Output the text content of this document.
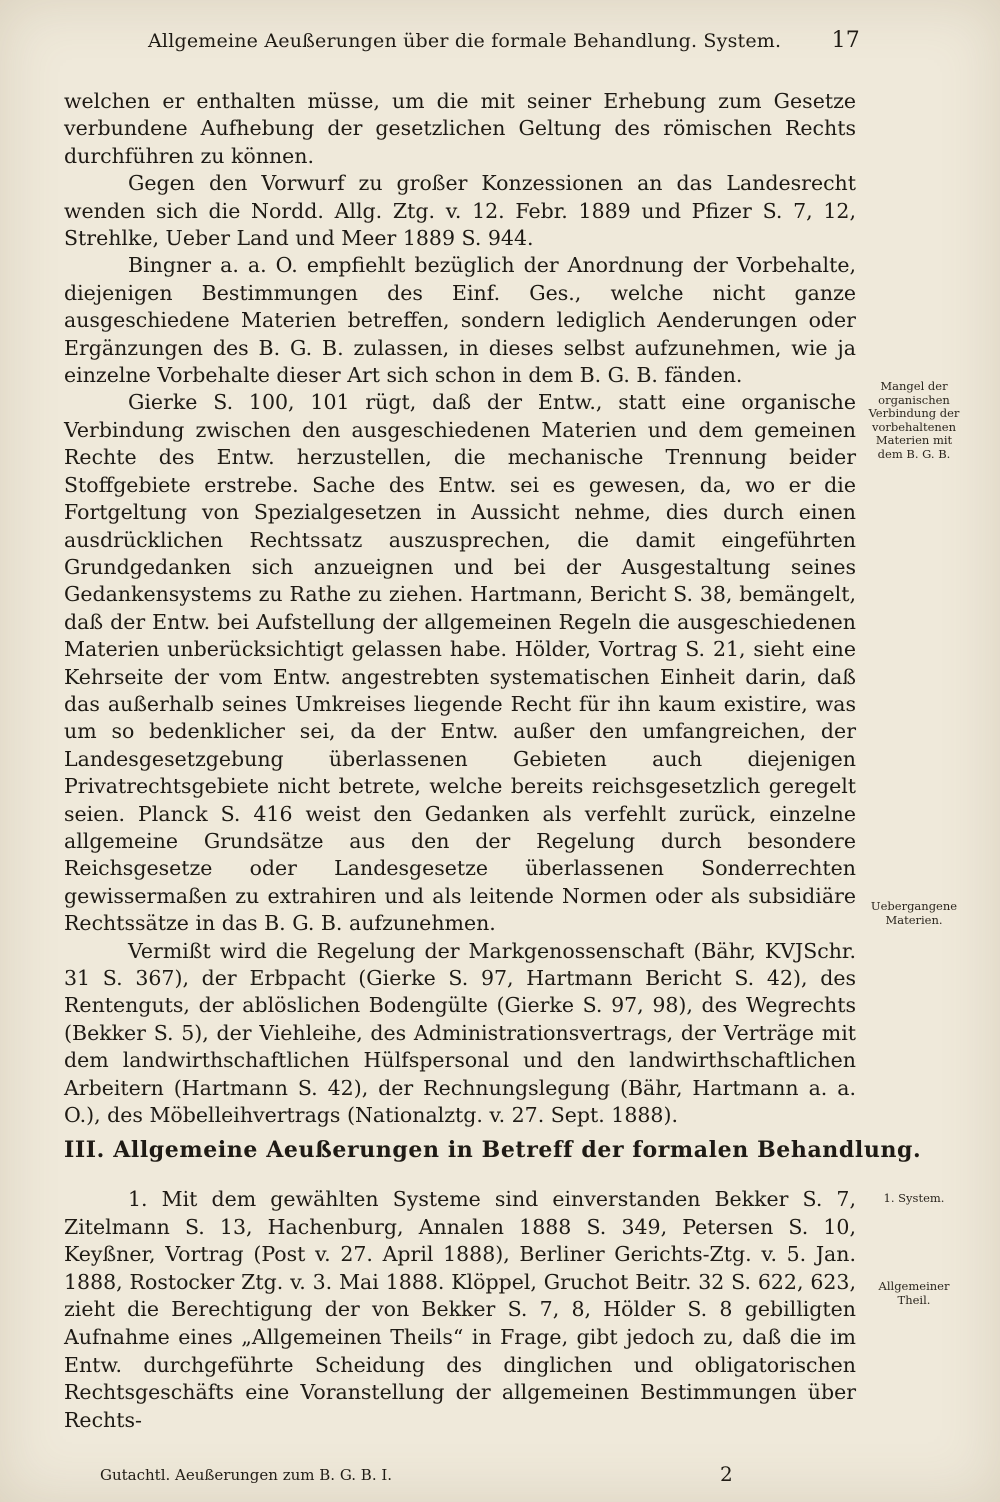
Allgemeine Aeußerungen über die formale Behandlung. System. 17

welchen er enthalten müsse, um die mit seiner Erhebung zum Gesetze verbundene Aufhebung der gesetzlichen Geltung des römischen Rechts durchführen zu können.

Gegen den Vorwurf zu großer Konzessionen an das Landesrecht wenden sich die Nordd. Allg. Ztg. v. 12. Febr. 1889 und Pfizer S. 7, 12, Strehlke, Ueber Land und Meer 1889 S. 944.

Bingner a. a. O. empfiehlt bezüglich der Anordnung der Vorbehalte, diejenigen Bestimmungen des Einf. Ges., welche nicht ganze ausgeschiedene Materien betreffen, sondern lediglich Aenderungen oder Ergänzungen des B. G. B. zulassen, in dieses selbst aufzunehmen, wie ja einzelne Vorbehalte dieser Art sich schon in dem B. G. B. fänden.

Gierke S. 100, 101 rügt, daß der Entw., statt eine organische Verbindung zwischen den ausgeschiedenen Materien und dem gemeinen Rechte des Entw. herzustellen, die mechanische Trennung beider Stoffgebiete erstrebe. Sache des Entw. sei es gewesen, da, wo er die Fortgeltung von Spezialgesetzen in Aussicht nehme, dies durch einen ausdrücklichen Rechtssatz auszusprechen, die damit eingeführten Grundgedanken sich anzueignen und bei der Ausgestaltung seines Gedankensystems zu Rathe zu ziehen. Hartmann, Bericht S. 38, bemängelt, daß der Entw. bei Aufstellung der allgemeinen Regeln die ausgeschiedenen Materien unberücksichtigt gelassen habe. Hölder, Vortrag S. 21, sieht eine Kehrseite der vom Entw. angestrebten systematischen Einheit darin, daß das außerhalb seines Umkreises liegende Recht für ihn kaum existire, was um so bedenklicher sei, da der Entw. außer den umfangreichen, der Landesgesetzgebung überlassenen Gebieten auch diejenigen Privatrechtsgebiete nicht betrete, welche bereits reichsgesetzlich geregelt seien. Planck S. 416 weist den Gedanken als verfehlt zurück, einzelne allgemeine Grundsätze aus den der Regelung durch besondere Reichsgesetze oder Landesgesetze überlassenen Sonderrechten gewissermaßen zu extrahiren und als leitende Normen oder als subsidiäre Rechtssätze in das B. G. B. aufzunehmen.

Vermißt wird die Regelung der Markgenossenschaft (Bähr, KVJSchr. 31 S. 367), der Erbpacht (Gierke S. 97, Hartmann Bericht S. 42), des Rentenguts, der ablöslichen Bodengülte (Gierke S. 97, 98), des Wegrechts (Bekker S. 5), der Viehleihe, des Administrationsvertrags, der Verträge mit dem landwirthschaftlichen Hülfspersonal und den landwirthschaftlichen Arbeitern (Hartmann S. 42), der Rechnungslegung (Bähr, Hartmann a. a. O.), des Möbelleihvertrags (Nationalztg. v. 27. Sept. 1888).

III. Allgemeine Aeußerungen in Betreff der formalen Behandlung.

1. Mit dem gewählten Systeme sind einverstanden Bekker S. 7, Zitelmann S. 13, Hachenburg, Annalen 1888 S. 349, Petersen S. 10, Keyßner, Vortrag (Post v. 27. April 1888), Berliner Gerichts-Ztg. v. 5. Jan. 1888, Rostocker Ztg. v. 3. Mai 1888. Klöppel, Gruchot Beitr. 32 S. 622, 623, zieht die Berechtigung der von Bekker S. 7, 8, Hölder S. 8 gebilligten Aufnahme eines „Allgemeinen Theils“ in Frage, gibt jedoch zu, daß die im Entw. durchgeführte Scheidung des dinglichen und obligatorischen Rechtsgeschäfts eine Voranstellung der allgemeinen Bestimmungen über Rechts-

Mangel der organischen Verbindung der vorbehaltenen Materien mit dem B. G. B.
Uebergangene Materien.
1. System.
Allgemeiner Theil.
Gutachtl. Aeußerungen zum B. G. B. I.	2
